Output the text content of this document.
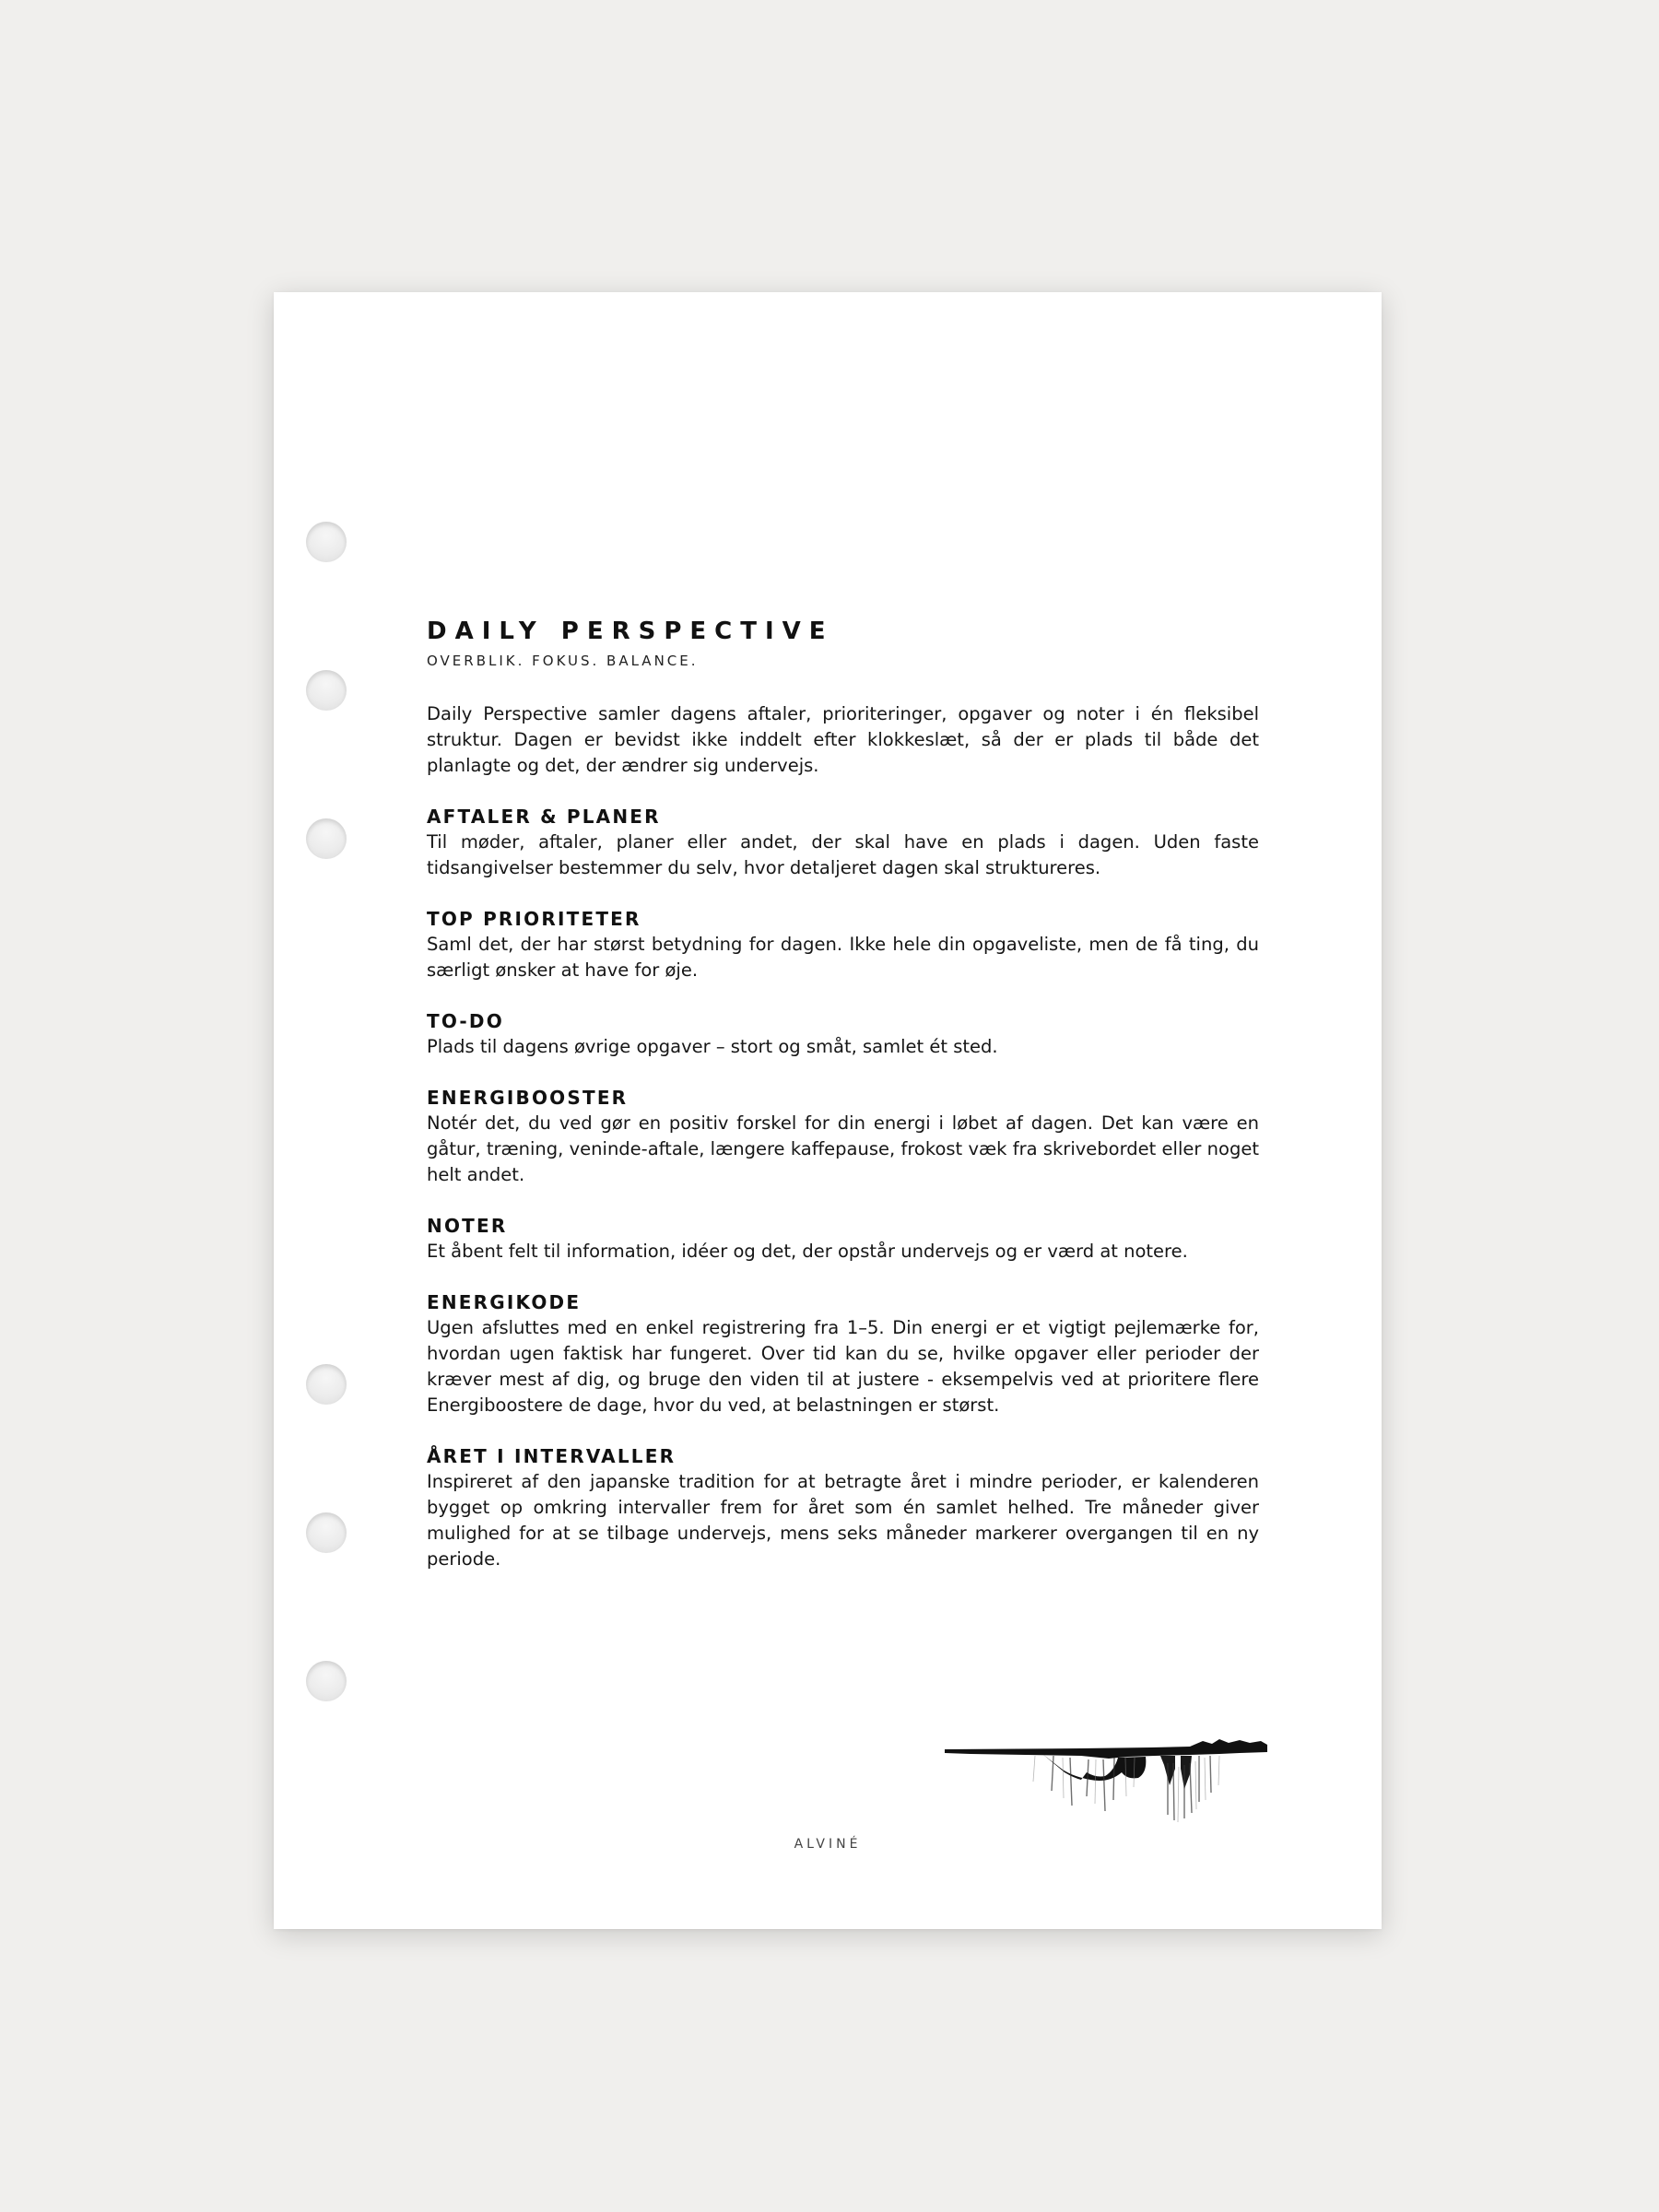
DAILY PERSPECTIVE
OVERBLIK. FOKUS. BALANCE.

Daily Perspective samler dagens aftaler, prioriteringer, opgaver og noter i én fleksibel struktur. Dagen er bevidst ikke inddelt efter klokkeslæt, så der er plads til både det planlagte og det, der ændrer sig undervejs.

AFTALER & PLANER

Til møder, aftaler, planer eller andet, der skal have en plads i dagen. Uden faste tidsangivelser bestemmer du selv, hvor detaljeret dagen skal struktureres.

TOP PRIORITETER

Saml det, der har størst betydning for dagen. Ikke hele din opgaveliste, men de få ting, du særligt ønsker at have for øje.

TO-DO

Plads til dagens øvrige opgaver – stort og småt, samlet ét sted.

ENERGIBOOSTER

Notér det, du ved gør en positiv forskel for din energi i løbet af dagen. Det kan være en gåtur, træning, veninde-aftale, længere kaffepause, frokost væk fra skrivebordet eller noget helt andet.

NOTER

Et åbent felt til information, idéer og det, der opstår undervejs og er værd at notere.

ENERGIKODE

Ugen afsluttes med en enkel registrering fra 1–5. Din energi er et vigtigt pejlemærke for, hvordan ugen faktisk har fungeret. Over tid kan du se, hvilke opgaver eller perioder der kræver mest af dig, og bruge den viden til at justere - eksempelvis ved at prioritere flere Energiboostere de dage, hvor du ved, at belastningen er størst.

ÅRET I INTERVALLER

Inspireret af den japanske tradition for at betragte året i mindre perioder, er kalenderen bygget op omkring intervaller frem for året som én samlet helhed. Tre måneder giver mulighed for at se tilbage undervejs, mens seks måneder markerer overgangen til en ny periode.

ALVINÉ
